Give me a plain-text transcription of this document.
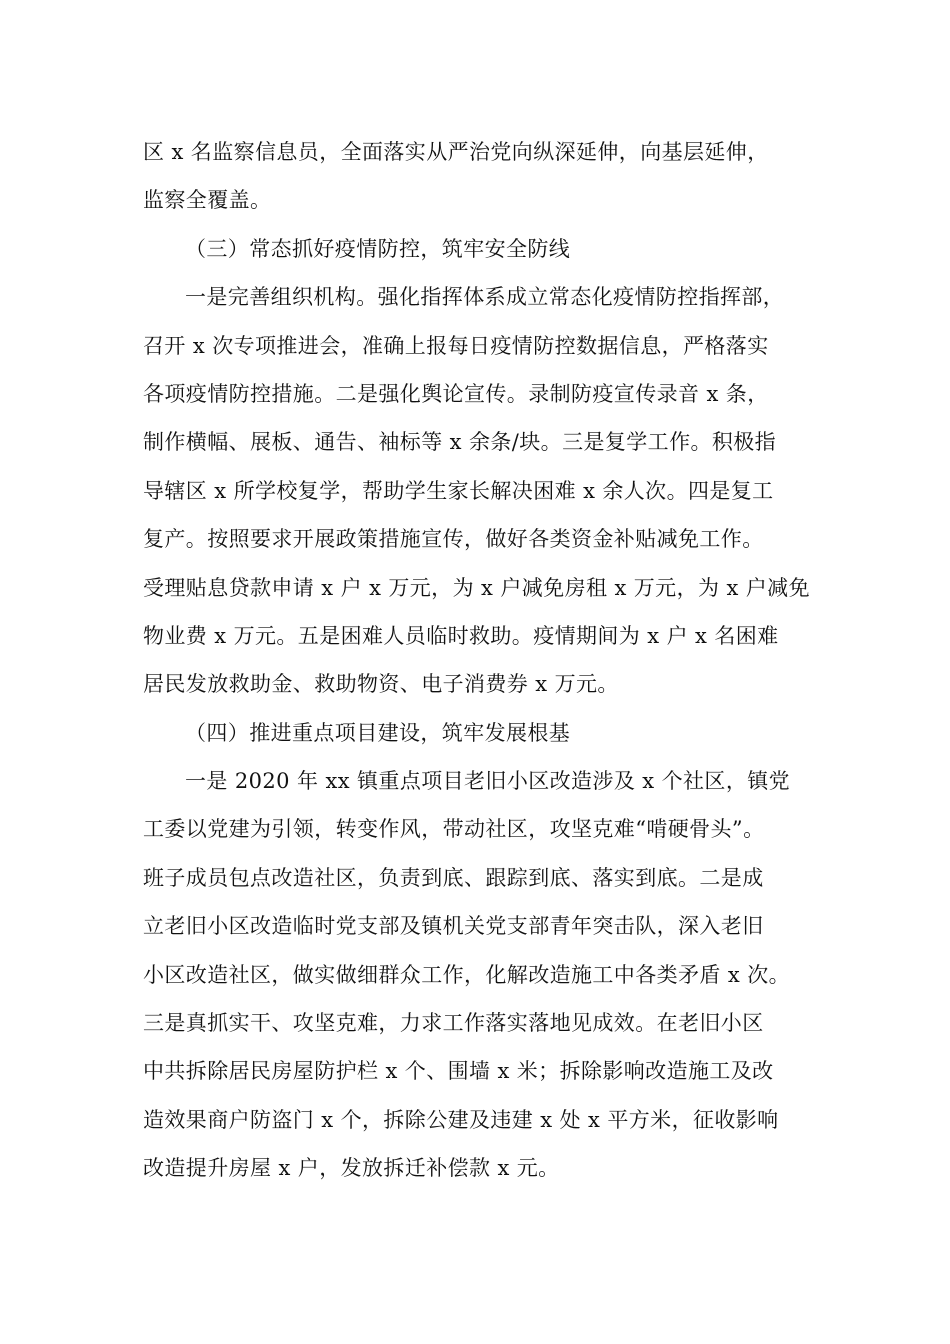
区 x 名监察信息员，全面落实从严治党向纵深延伸，向基层延伸，
监察全覆盖。
（三）常态抓好疫情防控，筑牢安全防线
一是完善组织机构。强化指挥体系成立常态化疫情防控指挥部，
召开 x 次专项推进会，准确上报每日疫情防控数据信息，严格落实
各项疫情防控措施。二是强化舆论宣传。录制防疫宣传录音 x 条，
制作横幅、展板、通告、袖标等 x 余条/块。三是复学工作。积极指
导辖区 x 所学校复学，帮助学生家长解决困难 x 余人次。四是复工
复产。按照要求开展政策措施宣传，做好各类资金补贴减免工作。
受理贴息贷款申请 x 户 x 万元，为 x 户减免房租 x 万元，为 x 户减免
物业费 x 万元。五是困难人员临时救助。疫情期间为 x 户 x 名困难
居民发放救助金、救助物资、电子消费券 x 万元。
（四）推进重点项目建设，筑牢发展根基
一是 2020 年 xx 镇重点项目老旧小区改造涉及 x 个社区，镇党
工委以党建为引领，转变作风，带动社区，攻坚克难“啃硬骨头”。
班子成员包点改造社区，负责到底、跟踪到底、落实到底。二是成
立老旧小区改造临时党支部及镇机关党支部青年突击队，深入老旧
小区改造社区，做实做细群众工作，化解改造施工中各类矛盾 x 次。
三是真抓实干、攻坚克难，力求工作落实落地见成效。在老旧小区
中共拆除居民房屋防护栏 x 个、围墙 x 米；拆除影响改造施工及改
造效果商户防盗门 x 个，拆除公建及违建 x 处 x 平方米，征收影响
改造提升房屋 x 户，发放拆迁补偿款 x 元。
